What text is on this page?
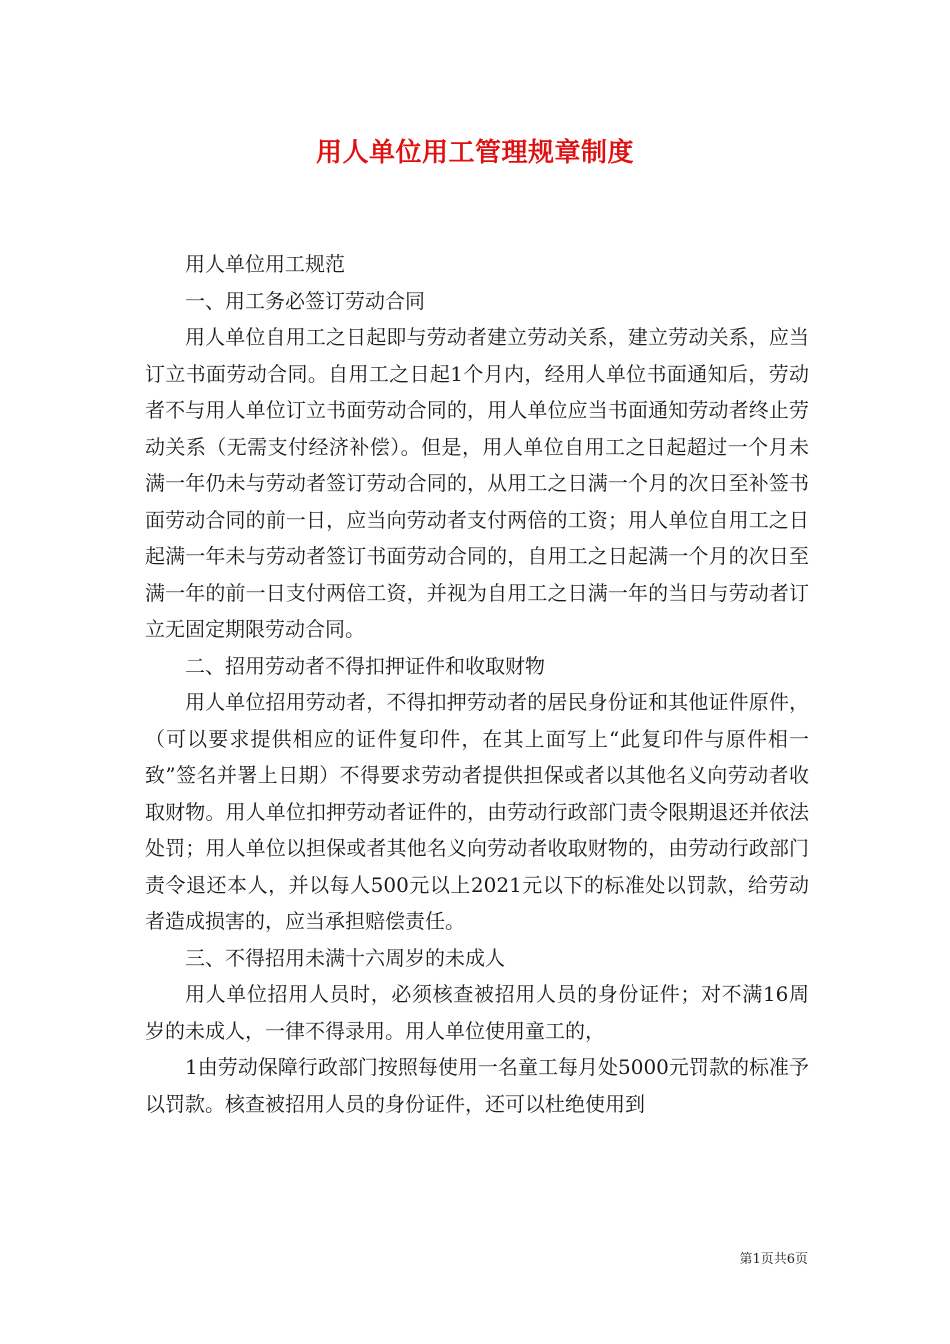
用人单位用工管理规章制度

用人单位用工规范

一、用工务必签订劳动合同

用人单位自用工之日起即与劳动者建立劳动关系，建立劳动关系，应当订立书面劳动合同。自用工之日起1个月内，经用人单位书面通知后，劳动者不与用人单位订立书面劳动合同的，用人单位应当书面通知劳动者终止劳动关系（无需支付经济补偿）。但是，用人单位自用工之日起超过一个月未满一年仍未与劳动者签订劳动合同的，从用工之日满一个月的次日至补签书面劳动合同的前一日，应当向劳动者支付两倍的工资；用人单位自用工之日起满一年未与劳动者签订书面劳动合同的，自用工之日起满一个月的次日至满一年的前一日支付两倍工资，并视为自用工之日满一年的当日与劳动者订立无固定期限劳动合同。

二、招用劳动者不得扣押证件和收取财物

用人单位招用劳动者，不得扣押劳动者的居民身份证和其他证件原件，（可以要求提供相应的证件复印件，在其上面写上“此复印件与原件相一致”签名并署上日期）不得要求劳动者提供担保或者以其他名义向劳动者收取财物。用人单位扣押劳动者证件的，由劳动行政部门责令限期退还并依法处罚；用人单位以担保或者其他名义向劳动者收取财物的，由劳动行政部门责令退还本人，并以每人500元以上2021元以下的标准处以罚款，给劳动者造成损害的，应当承担赔偿责任。

三、不得招用未满十六周岁的未成人

用人单位招用人员时，必须核查被招用人员的身份证件；对不满16周岁的未成人，一律不得录用。用人单位使用童工的，

1由劳动保障行政部门按照每使用一名童工每月处5000元罚款的标准予以罚款。核查被招用人员的身份证件，还可以杜绝使用到

第1页共6页
